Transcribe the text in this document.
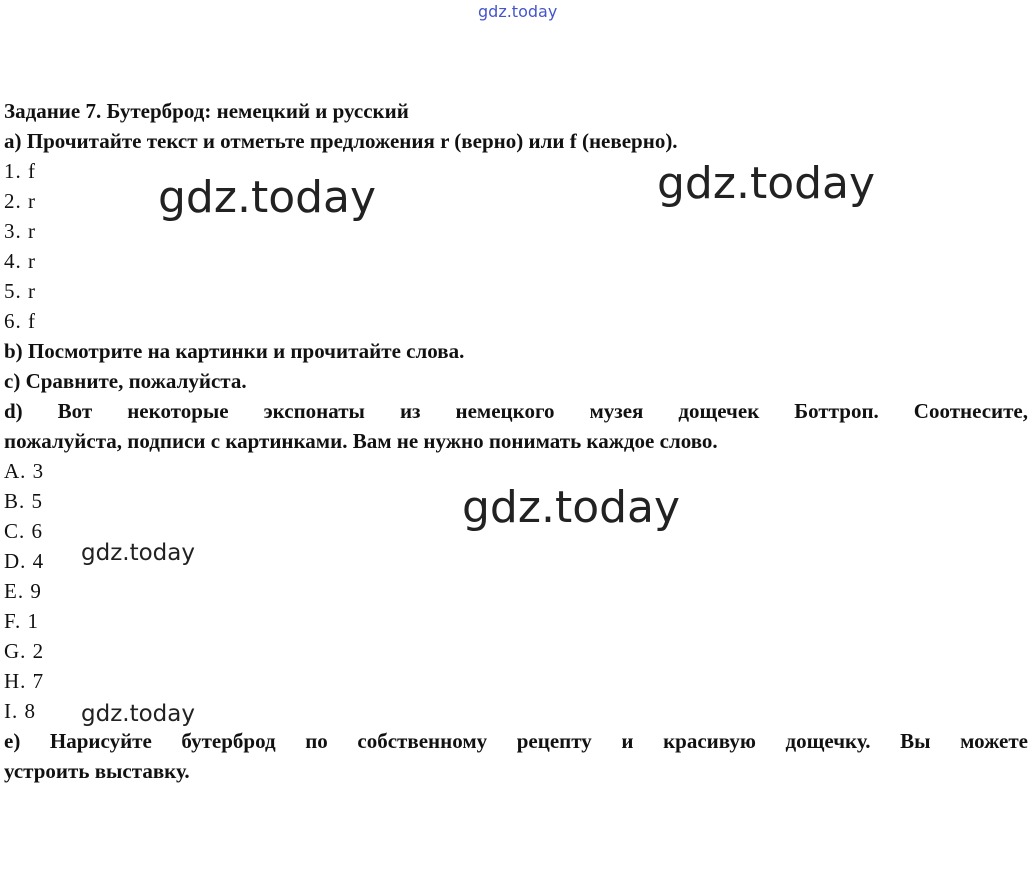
gdz.today
Задание 7. Бутерброд: немецкий и русский
a) Прочитайте текст и отметьте предложения r (верно) или f (неверно).
1. f
2. r
3. r
4. r
5. r
6. f
b) Посмотрите на картинки и прочитайте слова.
c) Сравните, пожалуйста.
d) Вот некоторые экспонаты из немецкого музея дощечек Боттроп. Соотнесите,
пожалуйста, подписи с картинками. Вам не нужно понимать каждое слово.
A. 3
B. 5
C. 6
D. 4
E. 9
F. 1
G. 2
H. 7
I. 8
e) Нарисуйте бутерброд по собственному рецепту и красивую дощечку. Вы можете
устроить выставку.
gdz.today	gdz.today
gdz.today
gdz.today
gdz.today
